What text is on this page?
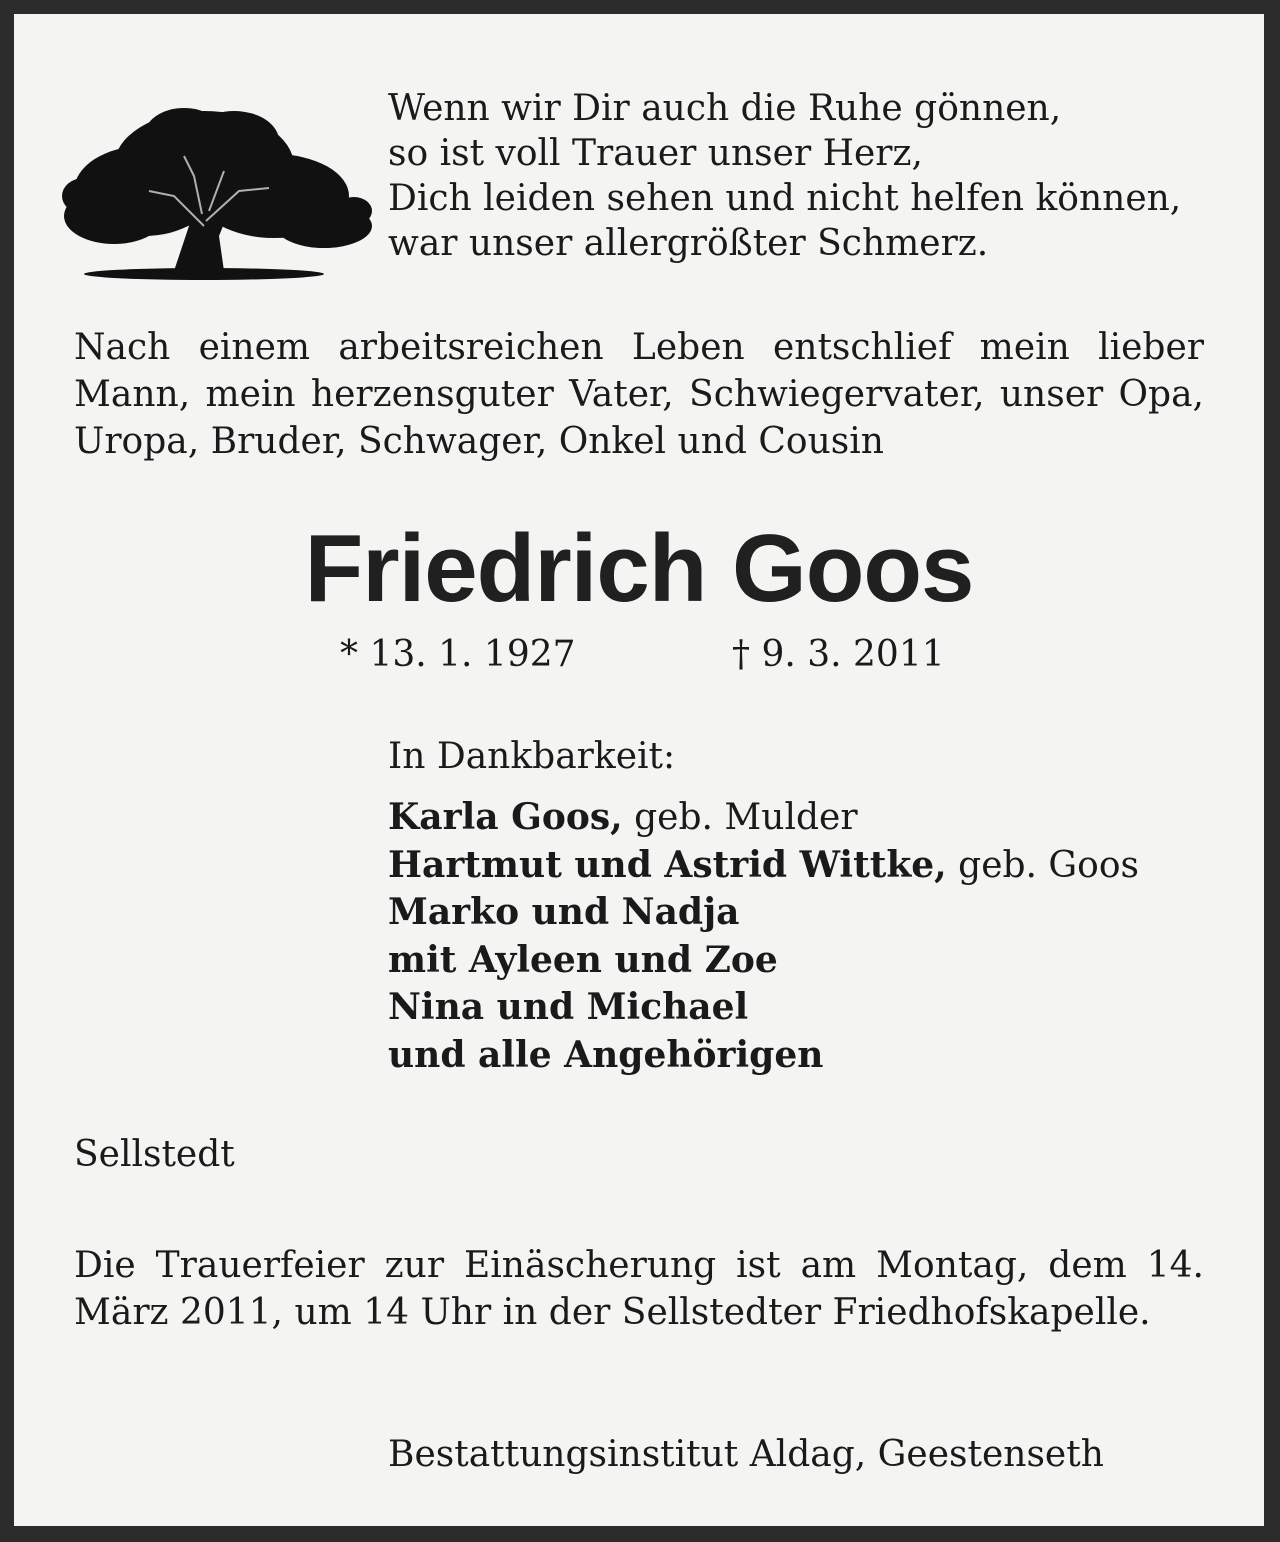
Wenn wir Dir auch die Ruhe gönnen,
so ist voll Trauer unser Herz,
Dich leiden sehen und nicht helfen können,
war unser allergrößter Schmerz.
Nach einem arbeitsreichen Leben entschlief mein lieber Mann, mein herzensguter Vater, Schwiegervater, unser Opa, Uropa, Bruder, Schwager, Onkel und Cousin
Friedrich Goos
* 13. 1. 1927	† 9. 3. 2011
In Dankbarkeit:
Karla Goos, geb. Mulder
Hartmut und Astrid Wittke, geb. Goos
Marko und Nadja
mit Ayleen und Zoe
Nina und Michael
und alle Angehörigen
Sellstedt
Die Trauerfeier zur Einäscherung ist am Montag, dem 14. März 2011, um 14 Uhr in der Sellstedter Friedhofskapelle.
Bestattungsinstitut Aldag, Geestenseth
